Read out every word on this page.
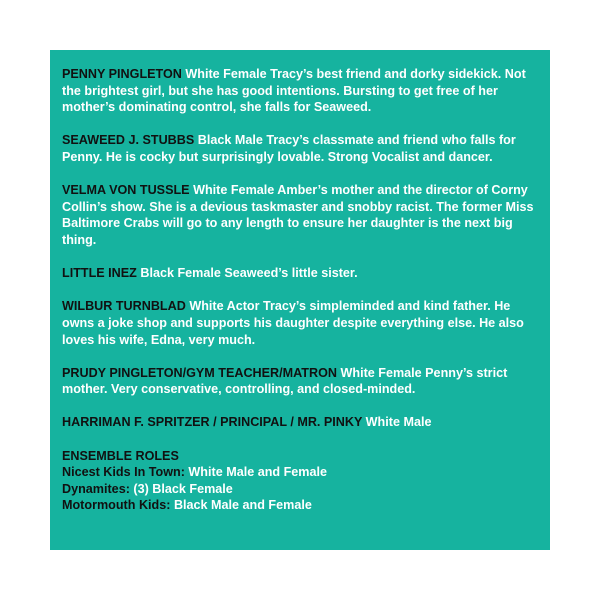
PENNY PINGLETON White Female Tracy’s best friend and dorky sidekick. Not the brightest girl, but she has good intentions. Bursting to get free of her mother’s dominating control, she falls for Seaweed.

SEAWEED J. STUBBS Black Male Tracy’s classmate and friend who falls for Penny. He is cocky but surprisingly lovable. Strong Vocalist and dancer.

VELMA VON TUSSLE White Female Amber’s mother and the director of Corny Collin’s show. She is a devious taskmaster and snobby racist. The former Miss Baltimore Crabs will go to any length to ensure her daughter is the next big thing.

LITTLE INEZ Black Female Seaweed’s little sister.

WILBUR TURNBLAD White Actor Tracy’s simpleminded and kind father. He owns a joke shop and supports his daughter despite everything else. He also loves his wife, Edna, very much.

PRUDY PINGLETON/GYM TEACHER/MATRON White Female Penny’s strict mother. Very conservative, controlling, and closed-minded.

HARRIMAN F. SPRITZER / PRINCIPAL / MR. PINKY White Male

ENSEMBLE ROLES
Nicest Kids In Town: White Male and Female
Dynamites: (3) Black Female
Motormouth Kids: Black Male and Female
